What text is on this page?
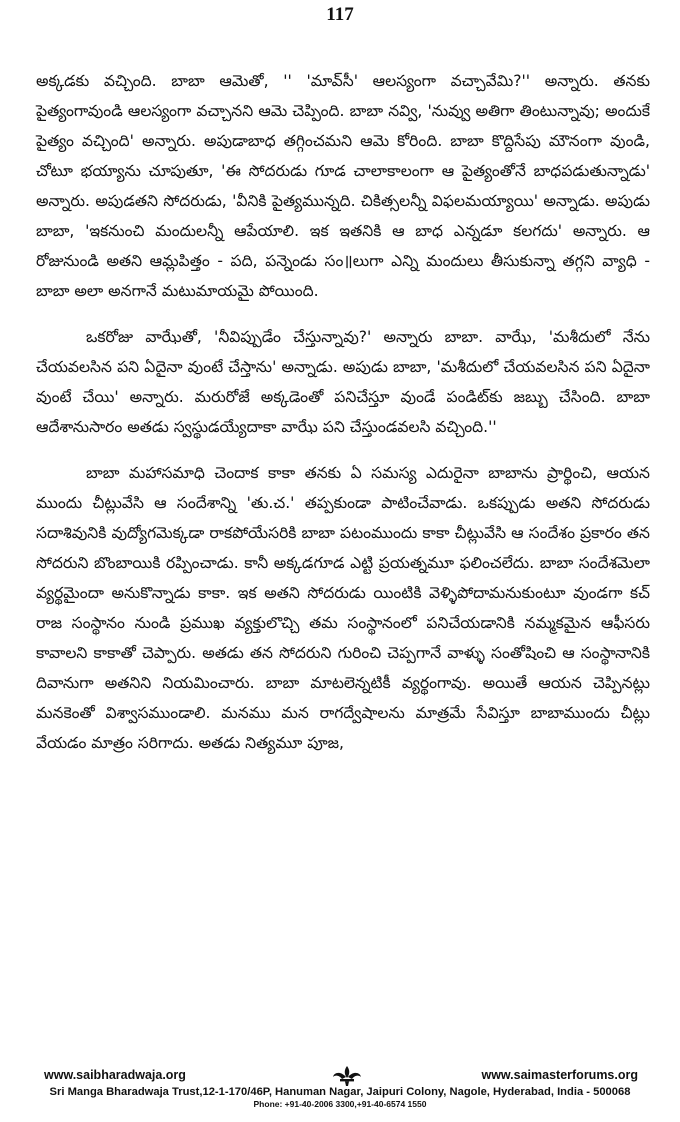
117

అక్కడకు వచ్చింది. బాబా ఆమెతో, '' 'మావ్‌సీ' ఆలస్యంగా వచ్చావేమి?'' అన్నారు. తనకు పైత్యంగావుండి ఆలస్యంగా వచ్చానని ఆమె చెప్పింది. బాబా నవ్వి, 'నువ్వు అతిగా తింటున్నావు; అందుకే పైత్యం వచ్చింది' అన్నారు. అపుడాబాధ తగ్గించమని ఆమె కోరింది. బాబా కొద్దిసేపు మౌనంగా వుండి, చోటూ భయ్యాను చూపుతూ, 'ఈ సోదరుడు గూడ చాలాకాలంగా ఆ పైత్యంతోనే బాధపడుతున్నాడు' అన్నారు. అపుడతని సోదరుడు, 'వీనికి పైత్యమున్నది. చికిత్సలన్నీ విఫలమయ్యాయి' అన్నాడు. అపుడు బాబా, 'ఇకనుంచి మందులన్నీ ఆపేయాలి. ఇక ఇతనికి ఆ బాధ ఎన్నడూ కలగదు' అన్నారు. ఆ రోజునుండి అతని ఆమ్లపిత్తం - పది, పన్నెండు సం॥లుగా ఎన్ని మందులు తీసుకున్నా తగ్గని వ్యాధి - బాబా అలా అనగానే మటుమాయమై పోయింది.

ఒకరోజు వాఝేతో, 'నీవిప్పుడేం చేస్తున్నావు?' అన్నారు బాబా. వాఝే, 'మశీదులో నేను చేయవలసిన పని ఏదైనా వుంటే చేస్తాను' అన్నాడు. అపుడు బాబా, 'మశీదులో చేయవలసిన పని ఏదైనా వుంటే చేయి' అన్నారు. మరురోజే అక్కడెంతో పనిచేస్తూ వుండే పండిట్‌కు జబ్బు చేసింది. బాబా ఆదేశానుసారం అతడు స్వస్థుడయ్యేదాకా వాఝే పని చేస్తుండవలసి వచ్చింది.''

బాబా మహాసమాధి చెందాక కాకా తనకు ఏ సమస్య ఎదురైనా బాబాను ప్రార్థించి, ఆయన ముందు చీట్లువేసి ఆ సందేశాన్ని 'తు.చ.' తప్పకుండా పాటించేవాడు. ఒకప్పుడు అతని సోదరుడు సదాశివునికి వుద్యోగమెక్కడా రాకపోయేసరికి బాబా పటంముందు కాకా చీట్లువేసి ఆ సందేశం ప్రకారం తన సోదరుని బొంబాయికి రప్పించాడు. కానీ అక్కడగూడ ఎట్టి ప్రయత్నమూ ఫలించలేదు. బాబా సందేశమెలా వ్యర్థమైందా అనుకొన్నాడు కాకా. ఇక అతని సోదరుడు యింటికి వెళ్ళిపోదామనుకుంటూ వుండగా కచ్ రాజ సంస్థానం నుండి ప్రముఖ వ్యక్తులొచ్చి తమ సంస్థానంలో పనిచేయడానికి నమ్మకమైన ఆఫీసరు కావాలని కాకాతో చెప్పారు. అతడు తన సోదరుని గురించి చెప్పగానే వాళ్ళు సంతోషించి ఆ సంస్థానానికి దివానుగా అతనిని నియమించారు. బాబా మాటలెన్నటికీ వ్యర్థంగావు. అయితే ఆయన చెప్పినట్లు మనకెంతో విశ్వాసముండాలి. మనము మన రాగద్వేషాలను మాత్రమే సేవిస్తూ బాబాముందు చీట్లు వేయడం మాత్రం సరిగాదు. అతడు నిత్యమూ పూజ,

www.saibharadwaja.org	www.saimasterforums.org
Sri Manga Bharadwaja Trust,12-1-170/46P, Hanuman Nagar, Jaipuri Colony, Nagole, Hyderabad, India - 500068
Phone: +91-40-2006 3300,+91-40-6574 1550
